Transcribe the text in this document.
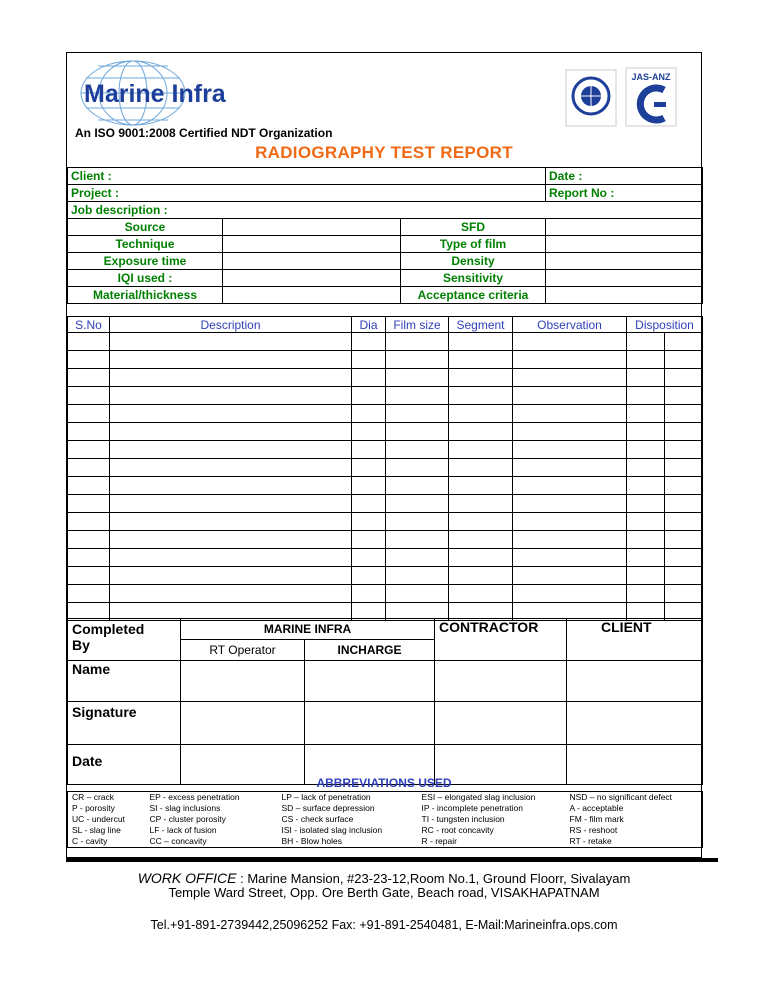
Marine Infra
JAS-ANZ
An ISO 9001:2008 Certified NDT Organization
RADIOGRAPHY TEST REPORT
Client :			Date :
Project :			Report No :
Job description :			
Source		SFD	
Technique		Type of film	
Exposure time		Density	
IQI used :		Sensitivity	
Material/thickness		Acceptance criteria	
S.No	Description	Dia	Film size	Segment	Observation	Disposition	

Completed
By	MARINE INFRA		CONTRACTOR	CLIENT
	RT Operator	INCHARGE		
Name				
Signature				
Date				
ABBREVIATIONS USED
CR – crack	EP - excess penetration	LP – lack of penetration	ESI – elongated slag inclusion	NSD – no significant defect
P - porosity	SI - slag inclusions	SD – surface depression	IP - incomplete penetration	A - acceptable
UC - undercut	CP - cluster porosity	CS - check surface	TI - tungsten inclusion	FM - film mark
SL - slag line	LF - lack of fusion	ISI - isolated slag inclusion	RC - root concavity	RS - reshoot
C - cavity	CC – concavity	BH - Blow holes	R - repair	RT - retake
WORK OFFICE : Marine Mansion, #23-23-12,Room No.1, Ground Floorr, Sivalayam
Temple Ward Street, Opp. Ore Berth Gate, Beach road, VISAKHAPATNAM
Tel.+91-891-2739442,25096252 Fax: +91-891-2540481, E-Mail:Marineinfra.ops.com
